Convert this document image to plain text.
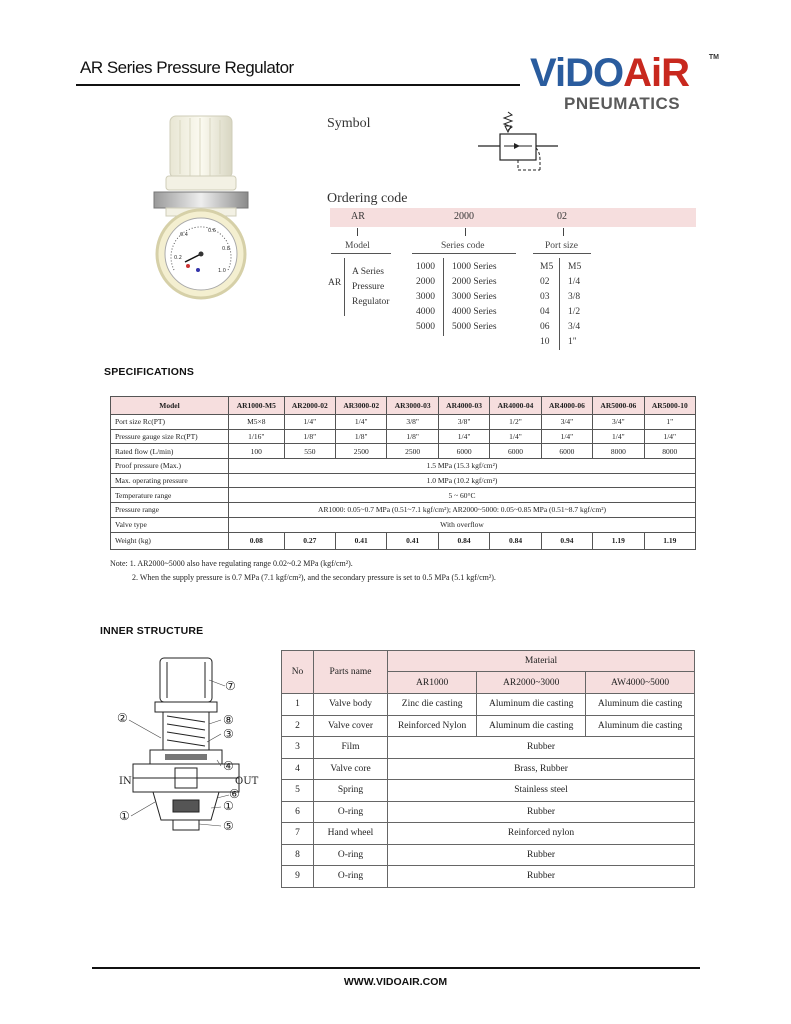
AR Series Pressure Regulator	ViDOAiR
PNEUMATICS
TM
0.2
0.4
0.6
0.8
1.0
Symbol
Ordering code
AR	2000	02
Model	Series code	Port size
AR
A Series
Pressure
Regulator
1000 1000 Series
2000 2000 Series
3000 3000 Series
4000 4000 Series
5000 5000 Series
M5 M5
02 1/4
03 3/8
04 1/2
06 3/4
10 1"
SPECIFICATIONS
Model	AR1000-M5	AR2000-02	AR3000-02	AR3000-03	AR4000-03	AR4000-04	AR4000-06	AR5000-06	AR5000-10
Port size Rc(PT)	M5×8	1/4"	1/4"	3/8"	3/8"	1/2"	3/4"	3/4"	1"
Pressure gauge size Rc(PT)	1/16"	1/8"	1/8"	1/8"	1/4"	1/4"	1/4"	1/4"	1/4"
Rated flow (L/min)	100	550	2500	2500	6000	6000	6000	8000	8000
Proof pressure (Max.)	1.5 MPa (15.3 kgf/cm²)								
Max. operating pressure	1.0 MPa (10.2 kgf/cm²)								
Temperature range	5 ~ 60°C								
Pressure range	AR1000: 0.05~0.7 MPa (0.51~7.1 kgf/cm²); AR2000~5000: 0.05~0.85 MPa (0.51~8.7 kgf/cm²)								
Valve type	With overflow								
Weight (kg)	0.08	0.27	0.41	0.41	0.84	0.84	0.94	1.19	1.19
Note: 1. AR2000~5000 also have regulating range 0.02~0.2 MPa (kgf/cm²).
2. When the supply pressure is 0.7 MPa (7.1 kgf/cm²), and the secondary pressure is set to 0.5 MPa (5.1 kgf/cm²).
INNER STRUCTURE
IN	OUT
⑦
②	⑧
③
④
⑥
①
①
⑤
No	Parts name	Material		
		AR1000	AR2000~3000	AW4000~5000
1	Valve body	Zinc die casting	Aluminum die casting	Aluminum die casting
2	Valve cover	Reinforced Nylon	Aluminum die casting	Aluminum die casting
3	Film	Rubber		
4	Valve core	Brass, Rubber		
5	Spring	Stainless steel		
6	O-ring	Rubber		
7	Hand wheel	Reinforced nylon		
8	O-ring	Rubber		
9	O-ring	Rubber		
WWW.VIDOAIR.COM
